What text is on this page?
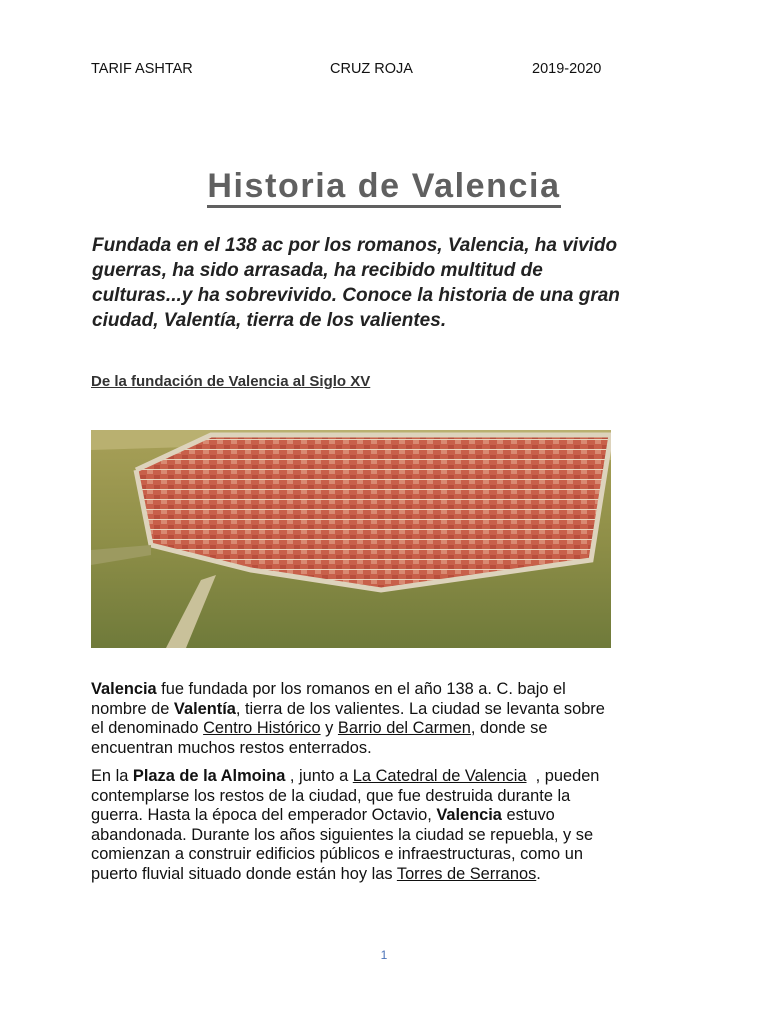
TARIF ASHTAR	CRUZ ROJA	2019-2020
Historia de Valencia
Fundada en el 138 ac por los romanos, Valencia, ha vivido
guerras, ha sido arrasada, ha recibido multitud de
culturas...y ha sobrevivido. Conoce la historia de una gran
ciudad, Valentía, tierra de los valientes.
De la fundación de Valencia al Siglo XV
Valencia fue fundada por los romanos en el año 138 a. C. bajo el
nombre de Valentía, tierra de los valientes. La ciudad se levanta sobre
el denominado Centro Histórico y Barrio del Carmen, donde se
encuentran muchos restos enterrados.
En la Plaza de la Almoina , junto a La Catedral de Valencia  , pueden
contemplarse los restos de la ciudad, que fue destruida durante la
guerra. Hasta la época del emperador Octavio, Valencia estuvo
abandonada. Durante los años siguientes la ciudad se repuebla, y se
comienzan a construir edificios públicos e infraestructuras, como un
puerto fluvial situado donde están hoy las Torres de Serranos.
1
